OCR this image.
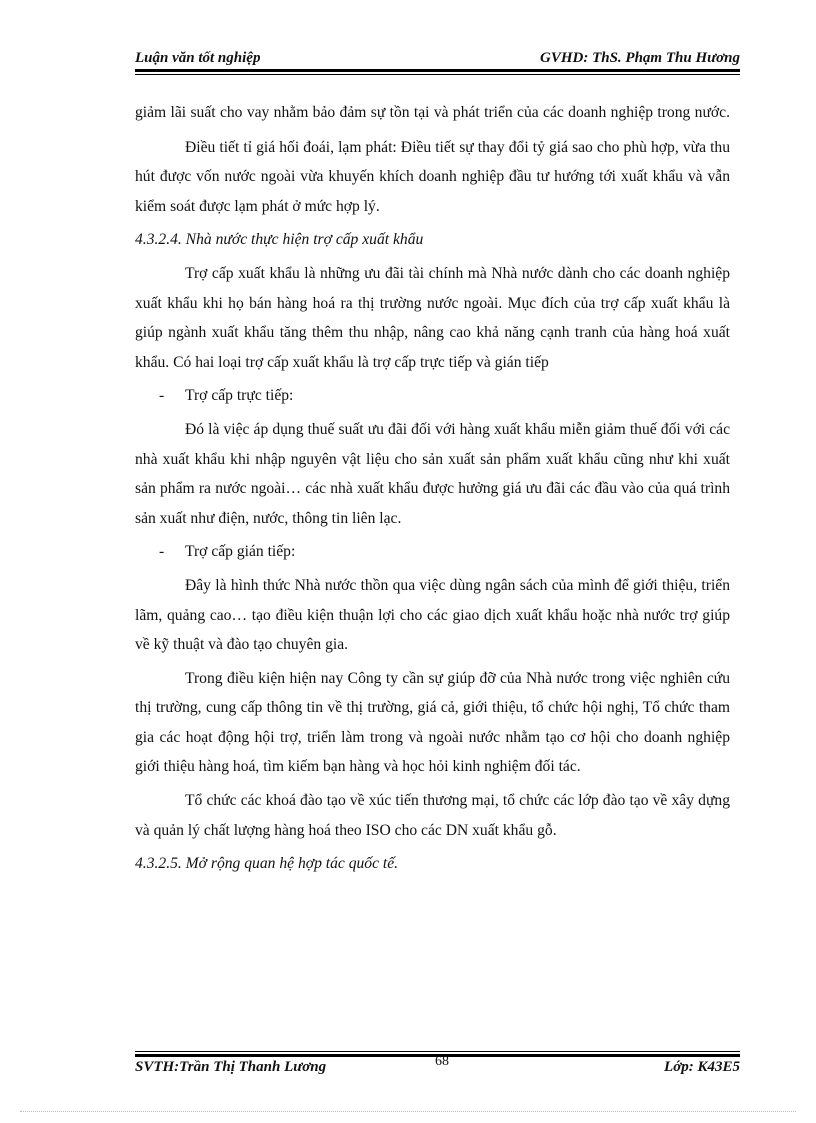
Luận văn tốt nghiệp	GVHD: ThS. Phạm Thu Hương

giảm lãi suất cho vay nhằm bảo đảm sự tồn tại và phát triển của các doanh nghiệp trong nước.

Điều tiết tỉ giá hối đoái, lạm phát: Điều tiết sự thay đổi tỷ giá sao cho phù hợp, vừa thu hút được vốn nước ngoài vừa khuyến khích doanh nghiệp đầu tư hướng tới xuất khẩu và vẫn kiểm soát được lạm phát ở mức hợp lý.

4.3.2.4. Nhà nước thực hiện trợ cấp xuất khẩu

Trợ cấp xuất khẩu là những ưu đãi tài chính mà Nhà nước dành cho các doanh nghiệp xuất khẩu khi họ bán hàng hoá ra thị trường nước ngoài. Mục đích của trợ cấp xuất khẩu là giúp ngành xuất khẩu tăng thêm thu nhập, nâng cao khả năng cạnh tranh của hàng hoá xuất khẩu. Có hai loại trợ cấp xuất khẩu là trợ cấp trực tiếp và gián tiếp

- Trợ cấp trực tiếp:

Đó là việc áp dụng thuế suất ưu đãi đối với hàng xuất khẩu miễn giảm thuế đối với các nhà xuất khẩu khi nhập nguyên vật liệu cho sản xuất sản phẩm xuất khẩu cũng như khi xuất sản phẩm ra nước ngoài… các nhà xuất khẩu được hưởng giá ưu đãi các đầu vào của quá trình sản xuất như điện, nước, thông tin liên lạc.

- Trợ cấp gián tiếp:

Đây là hình thức Nhà nước thồn qua việc dùng ngân sách của mình để giới thiệu, triển lãm, quảng cao… tạo điều kiện thuận lợi cho các giao dịch xuất khẩu hoặc nhà nước trợ giúp về kỹ thuật và đào tạo chuyên gia.

Trong điều kiện hiện nay Công ty cần sự giúp đỡ của Nhà nước trong việc nghiên cứu thị trường, cung cấp thông tin về thị trường, giá cả, giới thiệu, tổ chức hội nghị, Tổ chức tham gia các hoạt động hội trợ, triển làm trong và ngoài nước nhằm tạo cơ hội cho doanh nghiệp giới thiệu hàng hoá, tìm kiếm bạn hàng và học hỏi kinh nghiệm đối tác.

Tổ chức các khoá đào tạo về xúc tiến thương mại, tổ chức các lớp đào tạo về xây dựng và quản lý chất lượng hàng hoá theo ISO cho các DN xuất khẩu gỗ.

4.3.2.5. Mở rộng quan hệ hợp tác quốc tế.

SVTH:Trần Thị Thanh Lương	68	Lớp: K43E5
